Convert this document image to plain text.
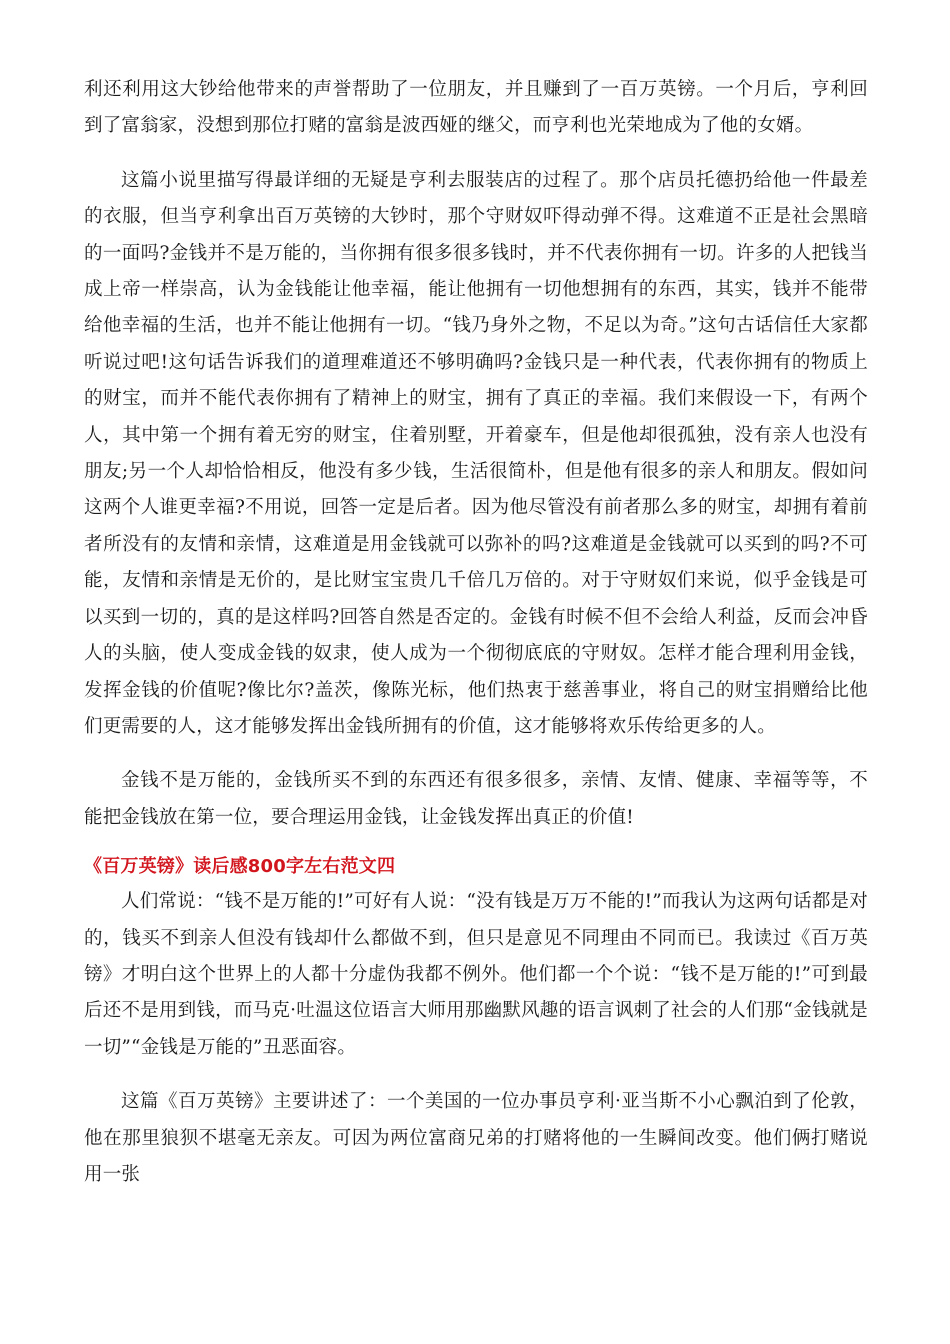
利还利用这大钞给他带来的声誉帮助了一位朋友，并且赚到了一百万英镑。一个月后，亨利回到了富翁家，没想到那位打赌的富翁是波西娅的继父，而亨利也光荣地成为了他的女婿。

这篇小说里描写得最详细的无疑是亨利去服装店的过程了。那个店员托德扔给他一件最差的衣服，但当亨利拿出百万英镑的大钞时，那个守财奴吓得动弹不得。这难道不正是社会黑暗的一面吗?金钱并不是万能的，当你拥有很多很多钱时，并不代表你拥有一切。许多的人把钱当成上帝一样崇高，认为金钱能让他幸福，能让他拥有一切他想拥有的东西，其实，钱并不能带给他幸福的生活，也并不能让他拥有一切。“钱乃身外之物，不足以为奇。”这句古话信任大家都听说过吧!这句话告诉我们的道理难道还不够明确吗?金钱只是一种代表，代表你拥有的物质上的财宝，而并不能代表你拥有了精神上的财宝，拥有了真正的幸福。我们来假设一下，有两个人，其中第一个拥有着无穷的财宝，住着别墅，开着豪车，但是他却很孤独，没有亲人也没有朋友;另一个人却恰恰相反，他没有多少钱，生活很简朴，但是他有很多的亲人和朋友。假如问这两个人谁更幸福?不用说，回答一定是后者。因为他尽管没有前者那么多的财宝，却拥有着前者所没有的友情和亲情，这难道是用金钱就可以弥补的吗?这难道是金钱就可以买到的吗?不可能，友情和亲情是无价的，是比财宝宝贵几千倍几万倍的。对于守财奴们来说，似乎金钱是可以买到一切的，真的是这样吗?回答自然是否定的。金钱有时候不但不会给人利益，反而会冲昏人的头脑，使人变成金钱的奴隶，使人成为一个彻彻底底的守财奴。怎样才能合理利用金钱，发挥金钱的价值呢?像比尔?盖茨，像陈光标，他们热衷于慈善事业，将自己的财宝捐赠给比他们更需要的人，这才能够发挥出金钱所拥有的价值，这才能够将欢乐传给更多的人。

金钱不是万能的，金钱所买不到的东西还有很多很多，亲情、友情、健康、幸福等等，不能把金钱放在第一位，要合理运用金钱，让金钱发挥出真正的价值!

《百万英镑》读后感800字左右范文四

人们常说：“钱不是万能的!”可好有人说：“没有钱是万万不能的!”而我认为这两句话都是对的，钱买不到亲人但没有钱却什么都做不到，但只是意见不同理由不同而已。我读过《百万英镑》才明白这个世界上的人都十分虚伪我都不例外。他们都一个个说：“钱不是万能的!”可到最后还不是用到钱，而马克·吐温这位语言大师用那幽默风趣的语言讽刺了社会的人们那“金钱就是一切”“金钱是万能的”丑恶面容。

这篇《百万英镑》主要讲述了：一个美国的一位办事员亨利·亚当斯不小心飘泊到了伦敦，他在那里狼狈不堪毫无亲友。可因为两位富商兄弟的打赌将他的一生瞬间改变。他们俩打赌说用一张
